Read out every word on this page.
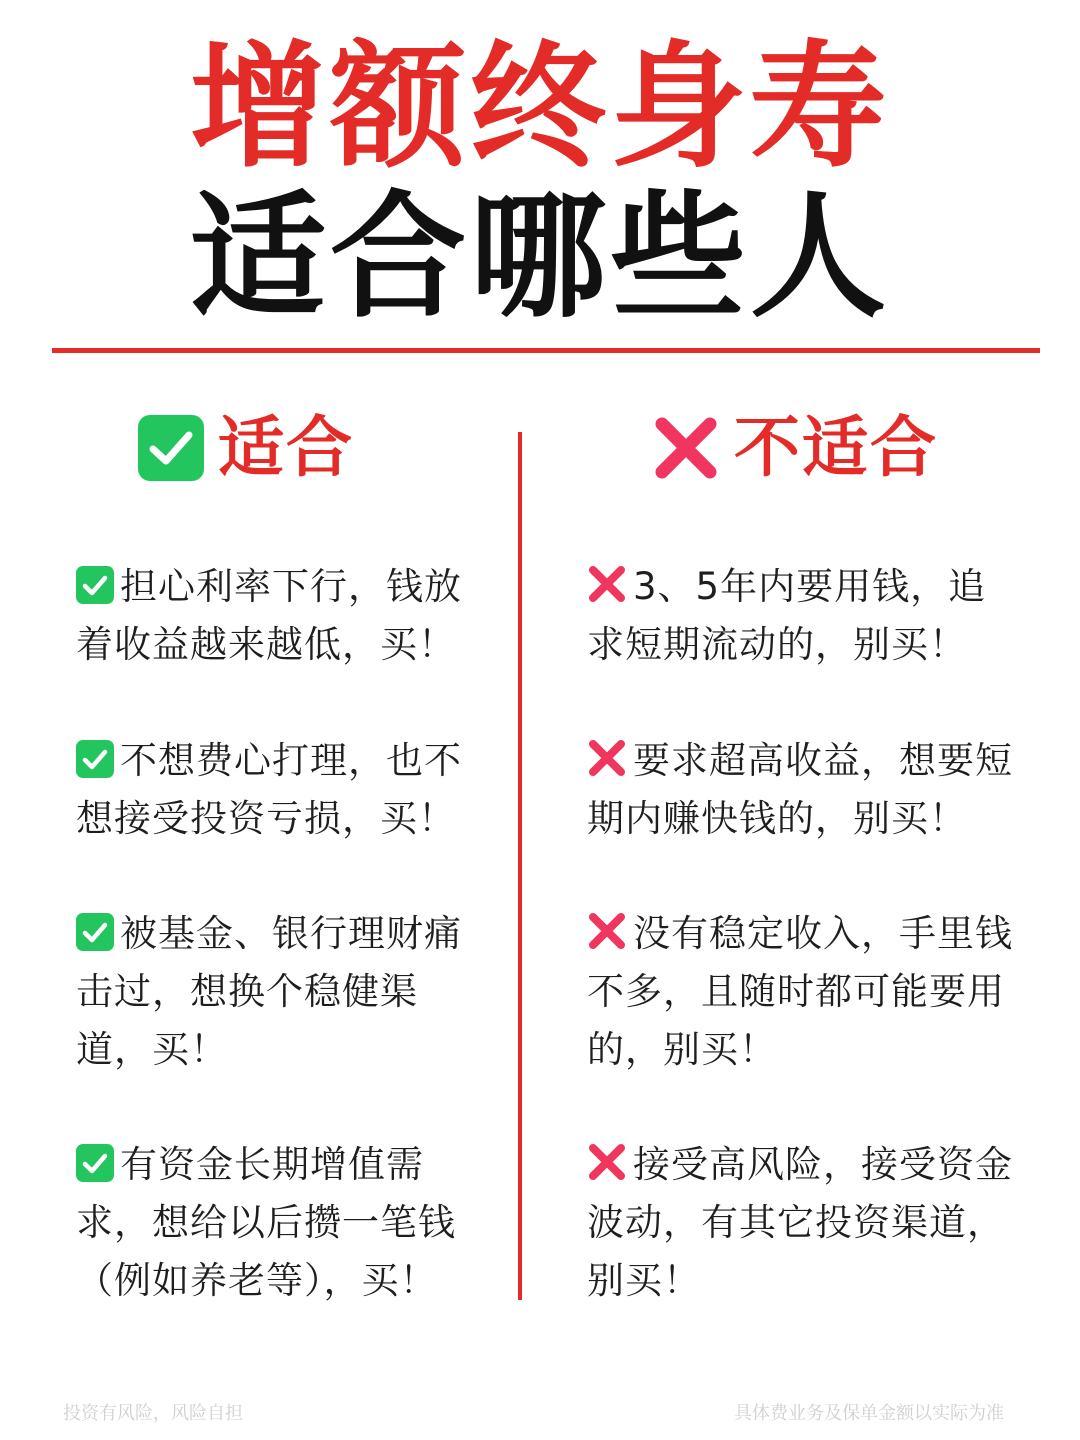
增额终身寿
适合哪些人
适合	不适合
担心利率下行，钱放着收益越来越低，买！
不想费心打理，也不想接受投资亏损，买！
被基金、银行理财痛击过，想换个稳健渠道，买！
有资金长期增值需求，想给以后攒一笔钱（例如养老等），买！
3、5年内要用钱，追求短期流动的，别买！
要求超高收益，想要短期内赚快钱的，别买！
没有稳定收入，手里钱不多，且随时都可能要用的，别买！
接受高风险，接受资金波动，有其它投资渠道，别买！
投资有风险，风险自担	具体费业务及保单金额以实际为准
